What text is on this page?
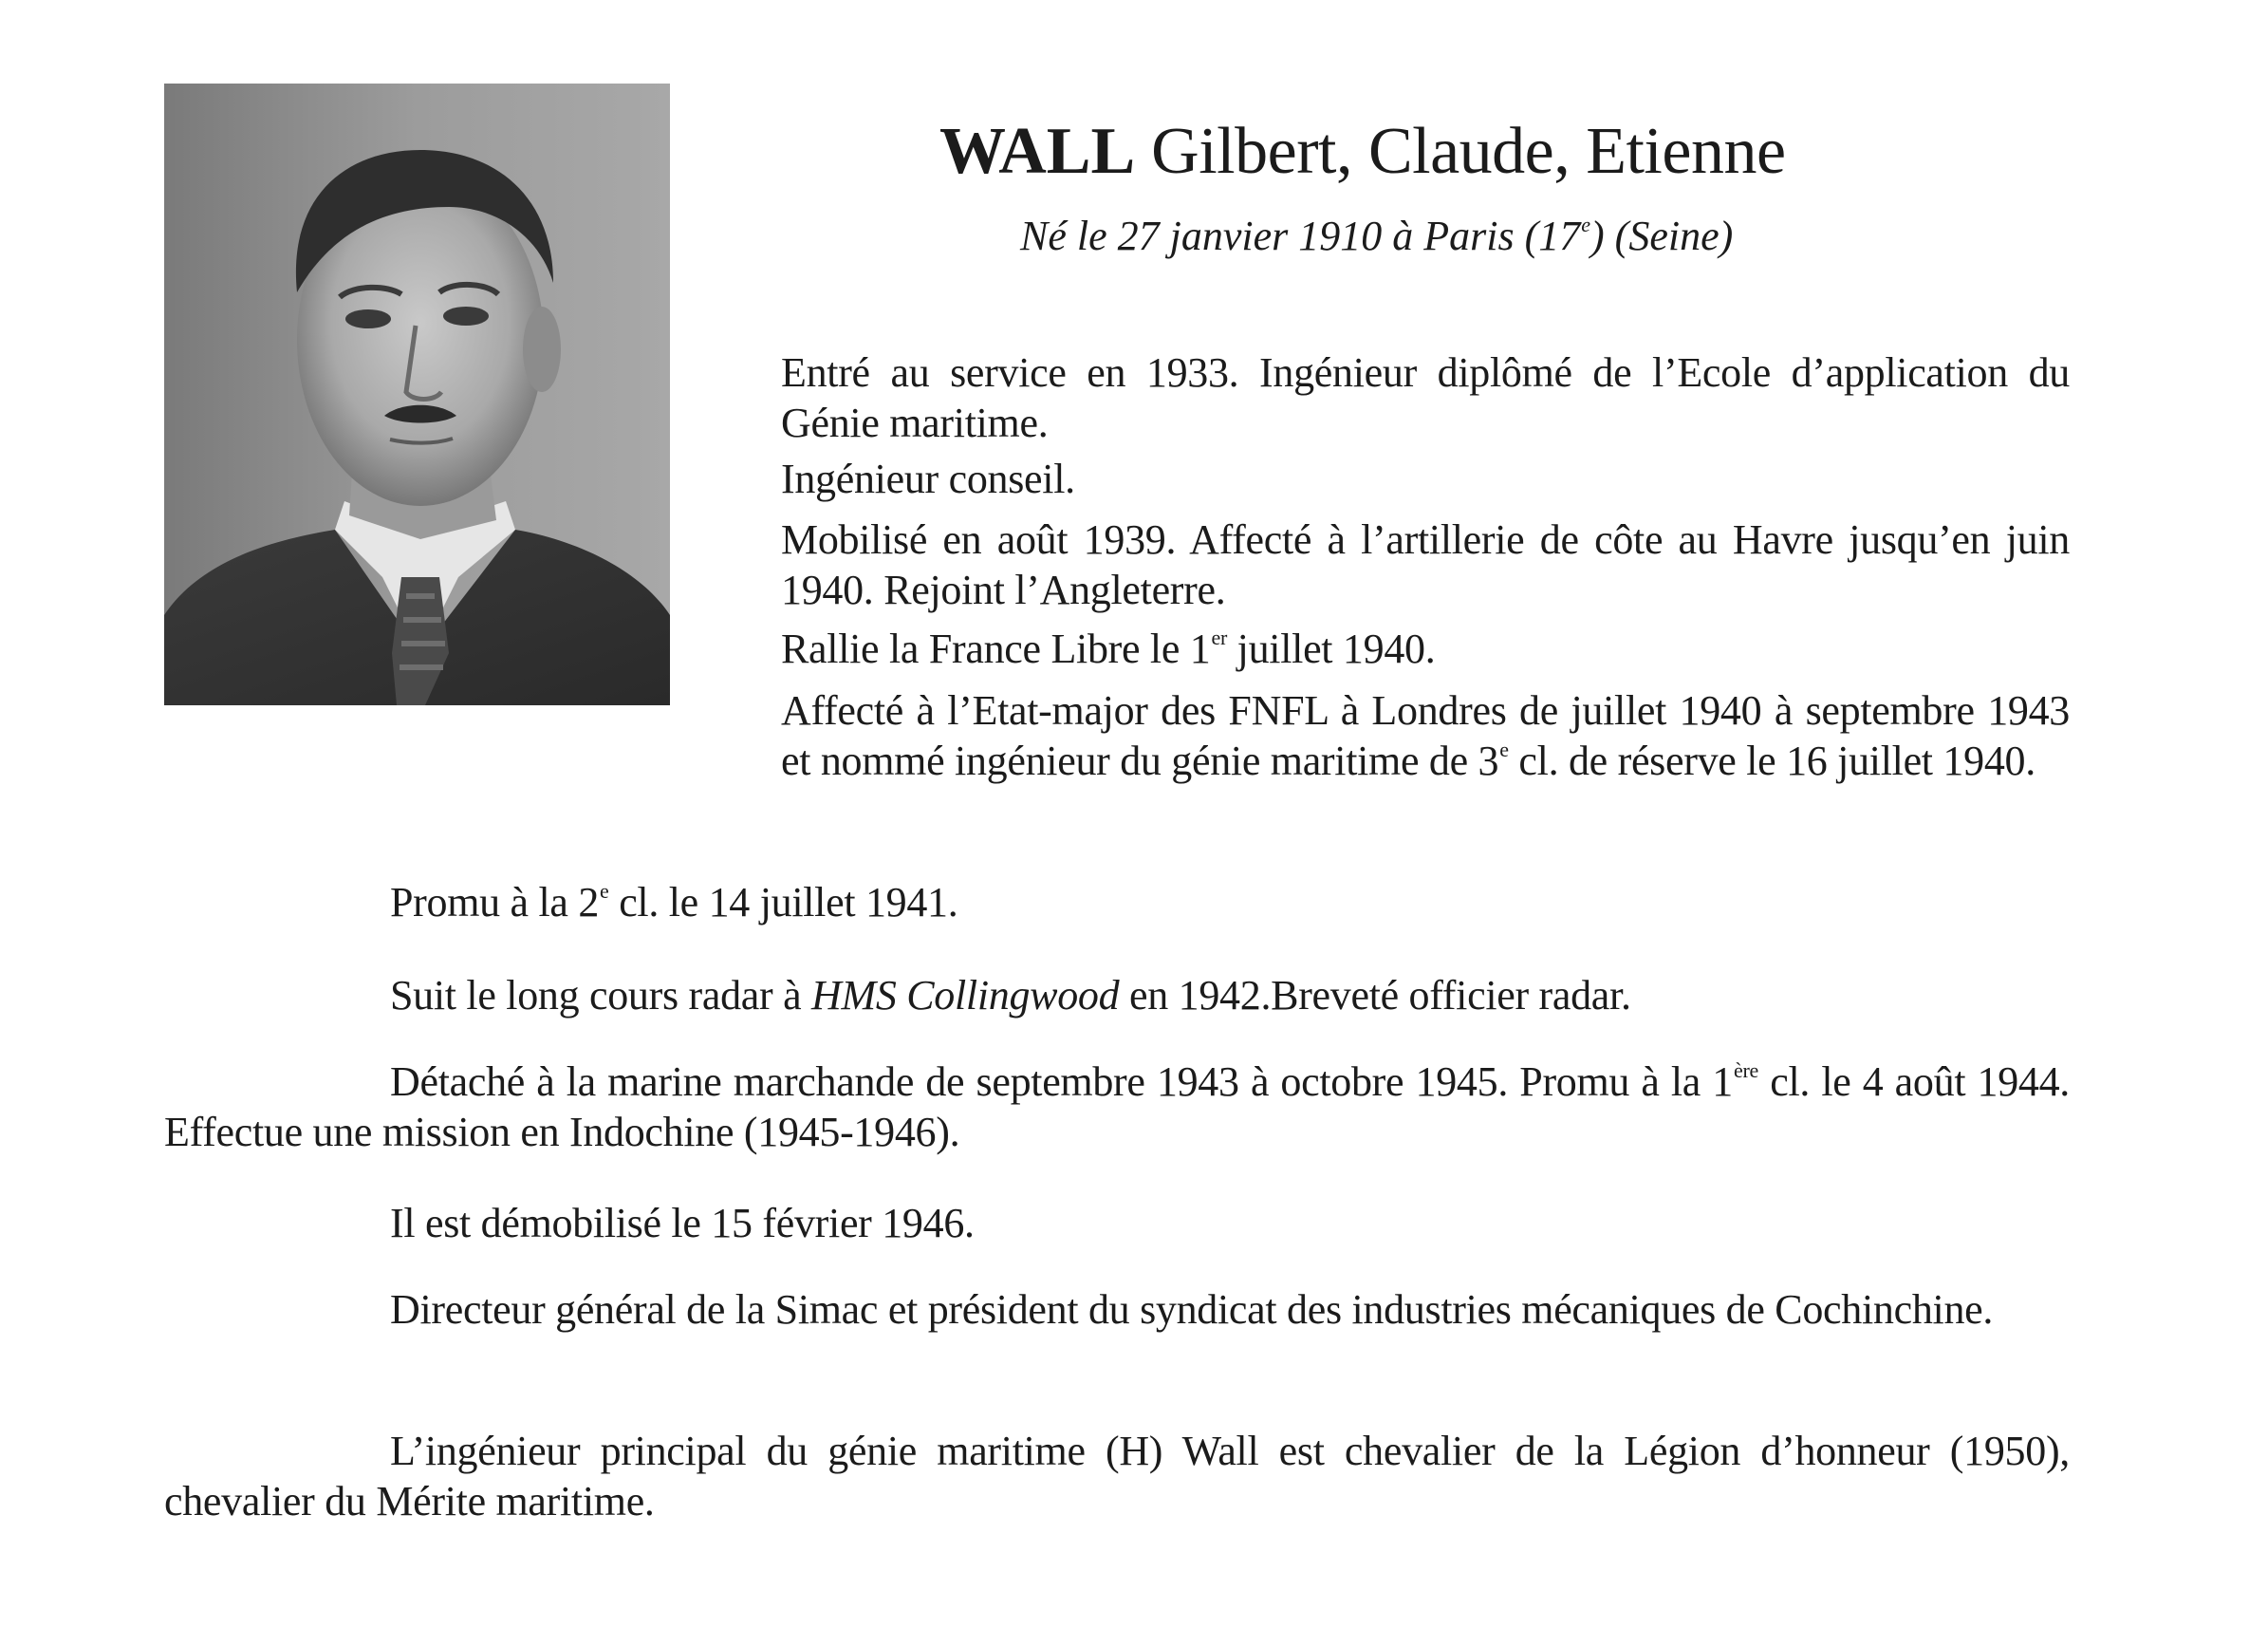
WALL Gilbert, Claude, Etienne
Né le 27 janvier 1910 à Paris (17e) (Seine)

Entré au service en 1933. Ingénieur diplômé de l’Ecole d’application du Génie maritime.

Ingénieur conseil.

Mobilisé en août 1939. Affecté à l’artillerie de côte au Havre jusqu’en juin 1940. Rejoint l’Angleterre.

Rallie la France Libre le 1er juillet 1940.

Affecté à l’Etat-major des FNFL à Londres de juillet 1940 à septembre 1943 et nommé ingénieur du génie maritime de 3e cl. de réserve le 16 juillet 1940.

Promu à la 2e cl. le 14 juillet 1941.

Suit le long cours radar à HMS Collingwood en 1942.Breveté officier radar.

Détaché à la marine marchande de septembre 1943 à octobre 1945. Promu à la 1ère cl. le 4 août 1944. Effectue une mission en Indochine (1945-1946).

Il est démobilisé le 15 février 1946.

Directeur général de la Simac et président du syndicat des industries mécaniques de Cochinchine.

L’ingénieur principal du génie maritime (H) Wall est chevalier de la Légion d’honneur (1950), chevalier du Mérite maritime.
